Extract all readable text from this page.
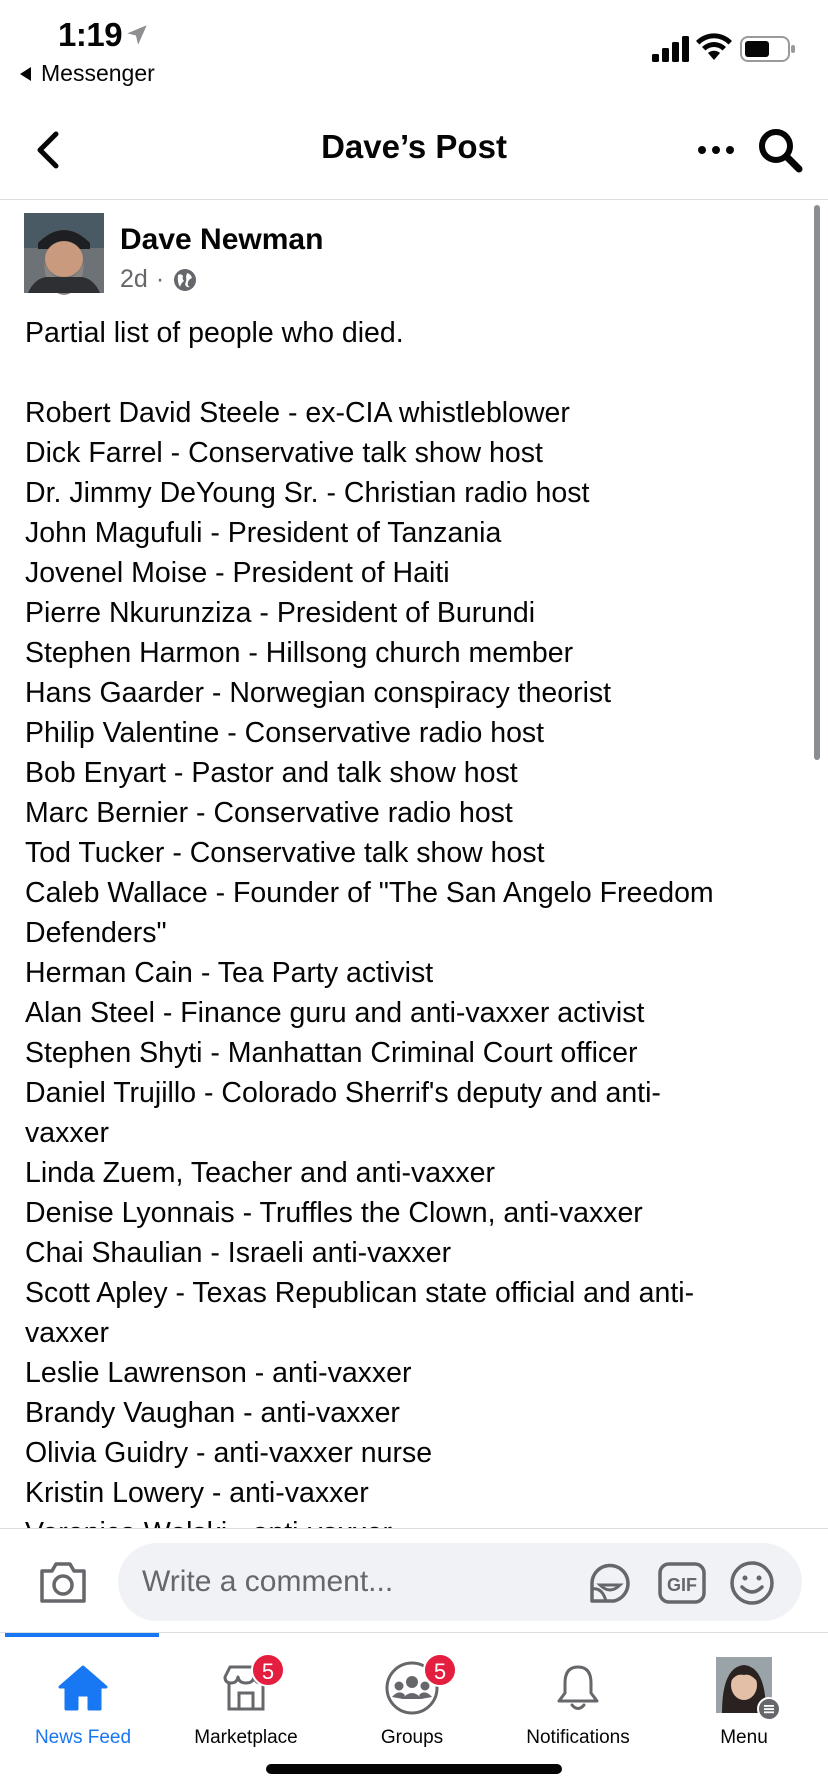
1:19
Messenger
Dave’s Post
Dave Newman
2d ·
Partial list of people who died.
Robert David Steele - ex-CIA whistleblower
Dick Farrel - Conservative talk show host
Dr. Jimmy DeYoung Sr. - Christian radio host
John Magufuli - President of Tanzania
Jovenel Moise - President of Haiti
Pierre Nkurunziza - President of Burundi
Stephen Harmon - Hillsong church member
Hans Gaarder - Norwegian conspiracy theorist
Philip Valentine - Conservative radio host
Bob Enyart - Pastor and talk show host
Marc Bernier - Conservative radio host
Tod Tucker - Conservative talk show host
Caleb Wallace - Founder of "The San Angelo Freedom
Defenders"
Herman Cain - Tea Party activist
Alan Steel - Finance guru and anti-vaxxer activist
Stephen Shyti - Manhattan Criminal Court officer
Daniel Trujillo - Colorado Sherrif's deputy and anti-
vaxxer
Linda Zuem, Teacher and anti-vaxxer
Denise Lyonnais - Truffles the Clown, anti-vaxxer
Chai Shaulian - Israeli anti-vaxxer
Scott Apley - Texas Republican state official and anti-
vaxxer
Leslie Lawrenson - anti-vaxxer
Brandy Vaughan - anti-vaxxer
Olivia Guidry - anti-vaxxer nurse
Kristin Lowery - anti-vaxxer
Write a comment...	GIF
News Feed
5
Marketplace
5
Groups	Notifications	Menu
